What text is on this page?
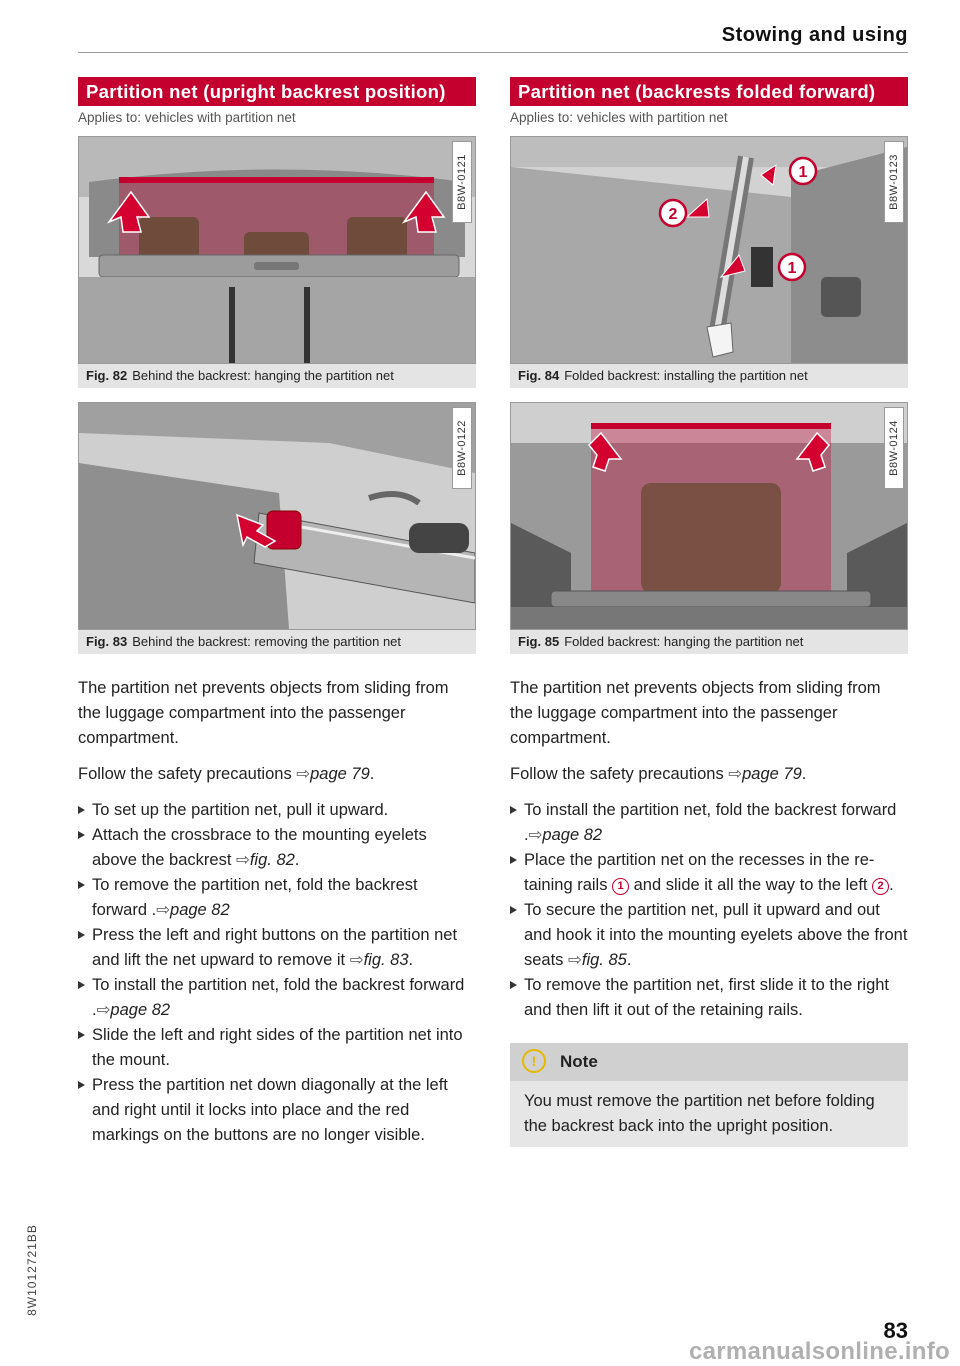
Stowing and using
Partition net (upright backrest position)
Applies to: vehicles with partition net
B8W-0121
Fig. 82 Behind the backrest: hanging the partition net
B8W-0122
Fig. 83 Behind the backrest: removing the partition net

The partition net prevents objects from sliding from the luggage compartment into the passenger compartment.

Follow the safety precautions ⇨page 79.

To set up the partition net, pull it upward.
Attach the crossbrace to the mounting eyelets above the backrest ⇨fig. 82.
To remove the partition net, fold the backrest forward .⇨page 82
Press the left and right buttons on the partition net and lift the net upward to remove it ⇨fig. 83.
To install the partition net, fold the backrest forward .⇨page 82
Slide the left and right sides of the partition net into the mount.
Press the partition net down diagonally at the left and right until it locks into place and the red markings on the buttons are no longer visible.
Partition net (backrests folded forward)
Applies to: vehicles with partition net
1
1
2
B8W-0123
Fig. 84 Folded backrest: installing the partition net
B8W-0124
Fig. 85 Folded backrest: hanging the partition net

The partition net prevents objects from sliding from the luggage compartment into the passenger compartment.

Follow the safety precautions ⇨page 79.

To install the partition net, fold the backrest forward .⇨page 82
Place the partition net on the recesses in the retaining rails 1 and slide it all the way to the left 2 .
To secure the partition net, pull it upward and out and hook it into the mounting eyelets above the front seats ⇨fig. 85.
To remove the partition net, first slide it to the right and then lift it out of the retaining rails.
! Note
You must remove the partition net before folding the backrest back into the upright position.
8W1012721BB
83
carmanualsonline.info
